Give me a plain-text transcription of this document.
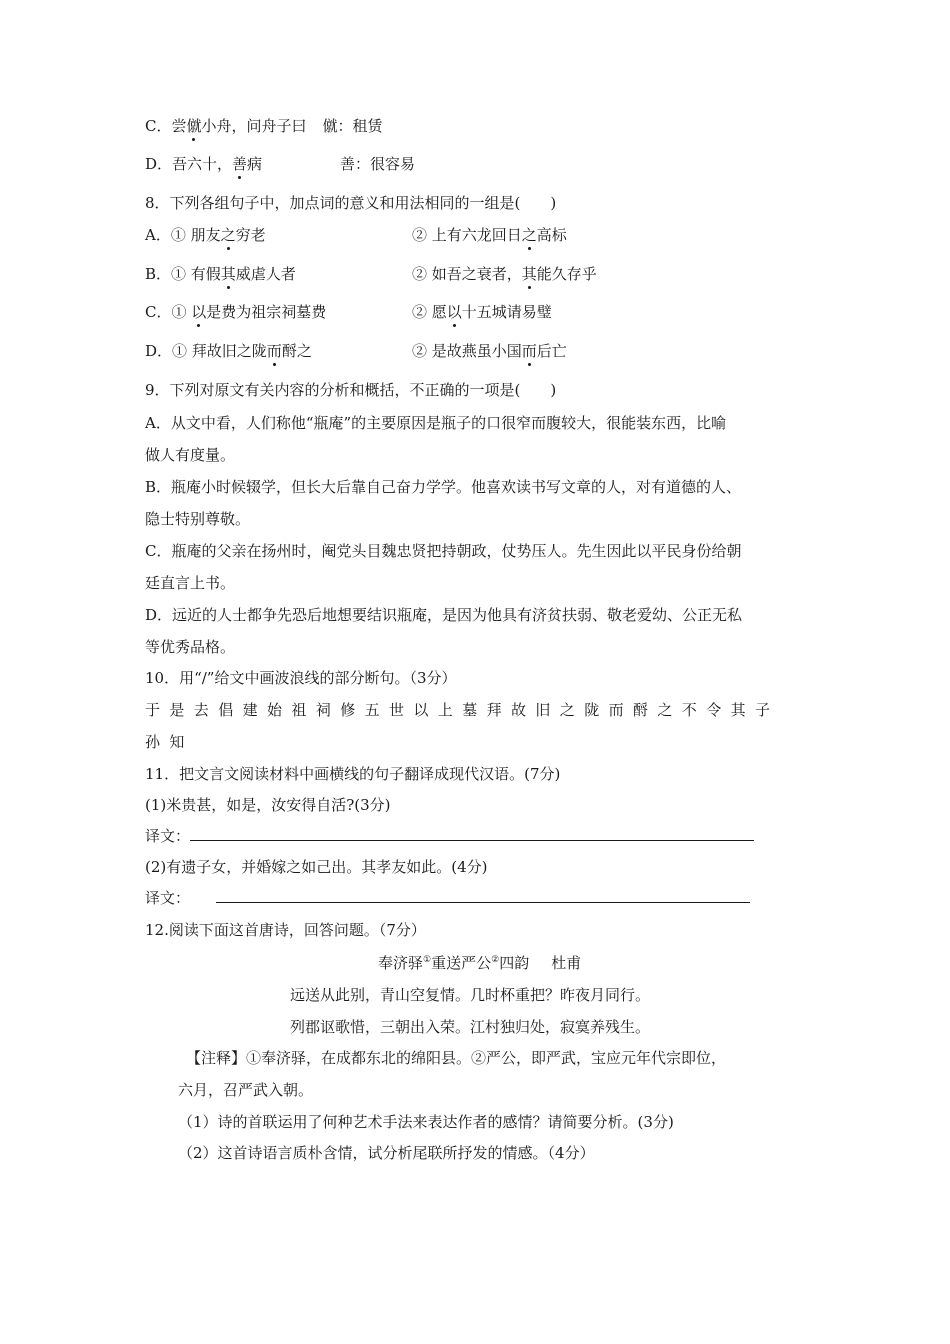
C．尝僦小舟，问舟子曰 僦：租赁
D．吾六十，善病	善：很容易
8．下列各组句子中，加点词的意义和用法相同的一组是(　　)
A．① 朋友之穷老	② 上有六龙回日之高标
B．① 有假其威虐人者	② 如吾之衰者，其能久存乎
C．① 以是费为祖宗祠墓费	② 愿以十五城请易璧
D．① 拜故旧之陇而酹之	② 是故燕虽小国而后亡
9．下列对原文有关内容的分析和概括，不正确的一项是(　　)
A．从文中看，人们称他“瓶庵”的主要原因是瓶子的口很窄而腹较大，很能装东西，比喻
做人有度量。
B．瓶庵小时候辍学，但长大后靠自己奋力学学。他喜欢读书写文章的人，对有道德的人、
隐士特别尊敬。
C．瓶庵的父亲在扬州时，阉党头目魏忠贤把持朝政，仗势压人。先生因此以平民身份给朝
廷直言上书。
D．远近的人士都争先恐后地想要结识瓶庵，是因为他具有济贫扶弱、敬老爱幼、公正无私
等优秀品格。
10．用“/”给文中画波浪线的部分断句。（3分）
于是去倡建始祖祠修五世以上墓拜故旧之陇而酹之不令其子
孙知
11．把文言文阅读材料中画横线的句子翻译成现代汉语。(7分)
(1)米贵甚，如是，汝安得自活?(3分)
译文：
(2)有遗子女，并婚嫁之如己出。其孝友如此。(4分)
译文：
12.阅读下面这首唐诗，回答问题。（7分）
奉济驿①重送严公②四韵 杜甫
远送从此别，青山空复情。几时杯重把？昨夜月同行。
列郡讴歌惜，三朝出入荣。江村独归处，寂寞养残生。
【注释】①奉济驿，在成都东北的绵阳县。②严公，即严武，宝应元年代宗即位，
六月，召严武入朝。
（1）诗的首联运用了何种艺术手法来表达作者的感情？请简要分析。(3分)
（2）这首诗语言质朴含情，试分析尾联所抒发的情感。（4分）
